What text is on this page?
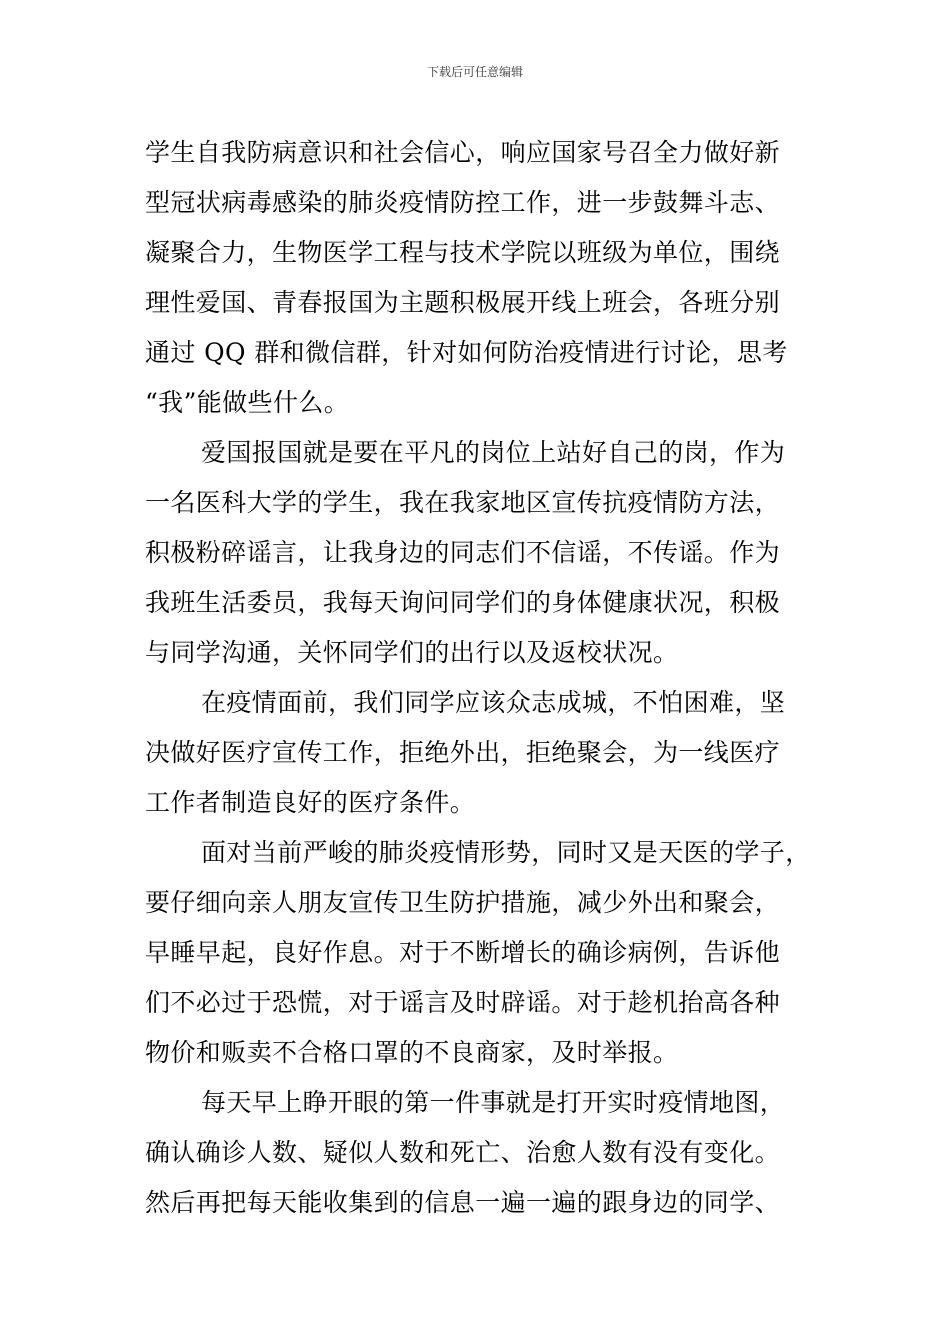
下载后可任意编辑
学生自我防病意识和社会信心，响应国家号召全力做好新
型冠状病毒感染的肺炎疫情防控工作，进一步鼓舞斗志、
凝聚合力，生物医学工程与技术学院以班级为单位，围绕
理性爱国、青春报国为主题积极展开线上班会，各班分别
通过 QQ 群和微信群，针对如何防治疫情进行讨论，思考
“我”能做些什么。
爱国报国就是要在平凡的岗位上站好自己的岗，作为
一名医科大学的学生，我在我家地区宣传抗疫情防方法，
积极粉碎谣言，让我身边的同志们不信谣，不传谣。作为
我班生活委员，我每天询问同学们的身体健康状况，积极
与同学沟通，关怀同学们的出行以及返校状况。
在疫情面前，我们同学应该众志成城，不怕困难，坚
决做好医疗宣传工作，拒绝外出，拒绝聚会，为一线医疗
工作者制造良好的医疗条件。
面对当前严峻的肺炎疫情形势，同时又是天医的学子，
要仔细向亲人朋友宣传卫生防护措施，减少外出和聚会，
早睡早起，良好作息。对于不断增长的确诊病例，告诉他
们不必过于恐慌，对于谣言及时辟谣。对于趁机抬高各种
物价和贩卖不合格口罩的不良商家，及时举报。
每天早上睁开眼的第一件事就是打开实时疫情地图，
确认确诊人数、疑似人数和死亡、治愈人数有没有变化。
然后再把每天能收集到的信息一遍一遍的跟身边的同学、
